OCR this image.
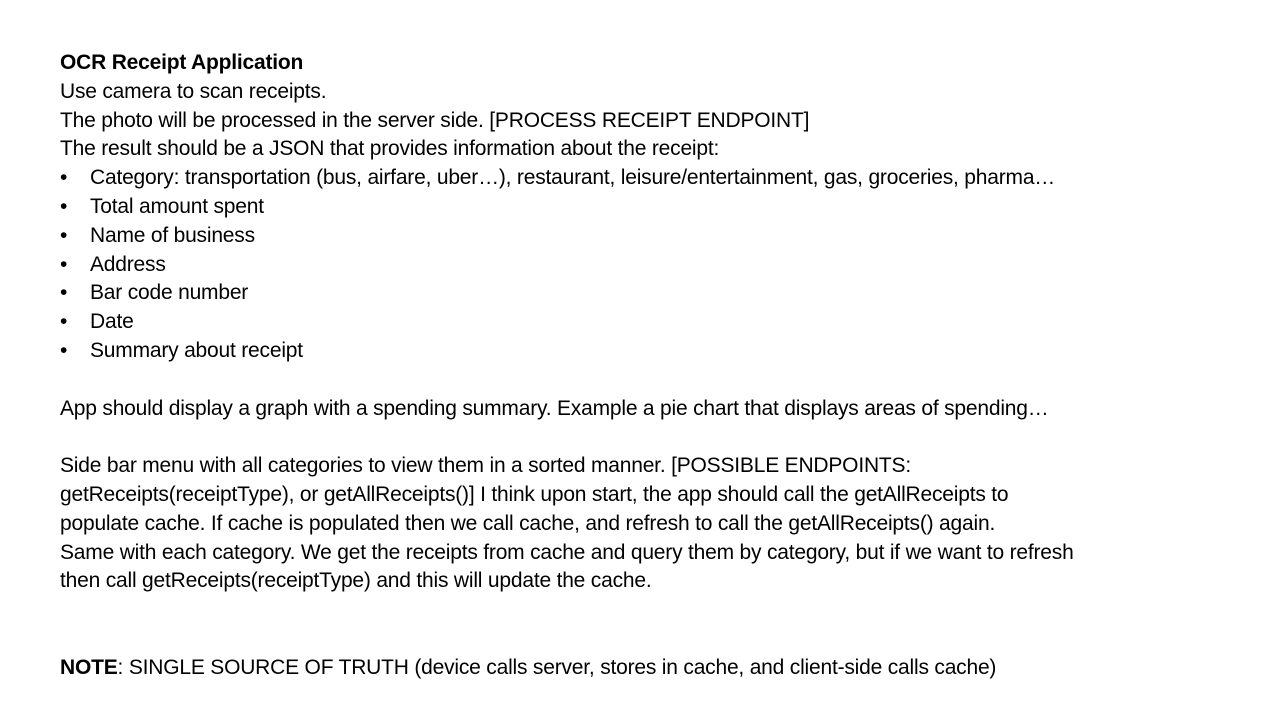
OCR Receipt Application
Use camera to scan receipts.
The photo will be processed in the server side. [PROCESS RECEIPT ENDPOINT]
The result should be a JSON that provides information about the receipt:
• Category: transportation (bus, airfare, uber…), restaurant, leisure/entertainment, gas, groceries, pharma…
• Total amount spent
• Name of business
• Address
• Bar code number
• Date
• Summary about receipt
App should display a graph with a spending summary. Example a pie chart that displays areas of spending…
Side bar menu with all categories to view them in a sorted manner. [POSSIBLE ENDPOINTS:
getReceipts(receiptType), or getAllReceipts()] I think upon start, the app should call the getAllReceipts to
populate cache. If cache is populated then we call cache, and refresh to call the getAllReceipts() again.
Same with each category. We get the receipts from cache and query them by category, but if we want to refresh
then call getReceipts(receiptType) and this will update the cache.
NOTE: SINGLE SOURCE OF TRUTH (device calls server, stores in cache, and client-side calls cache)
